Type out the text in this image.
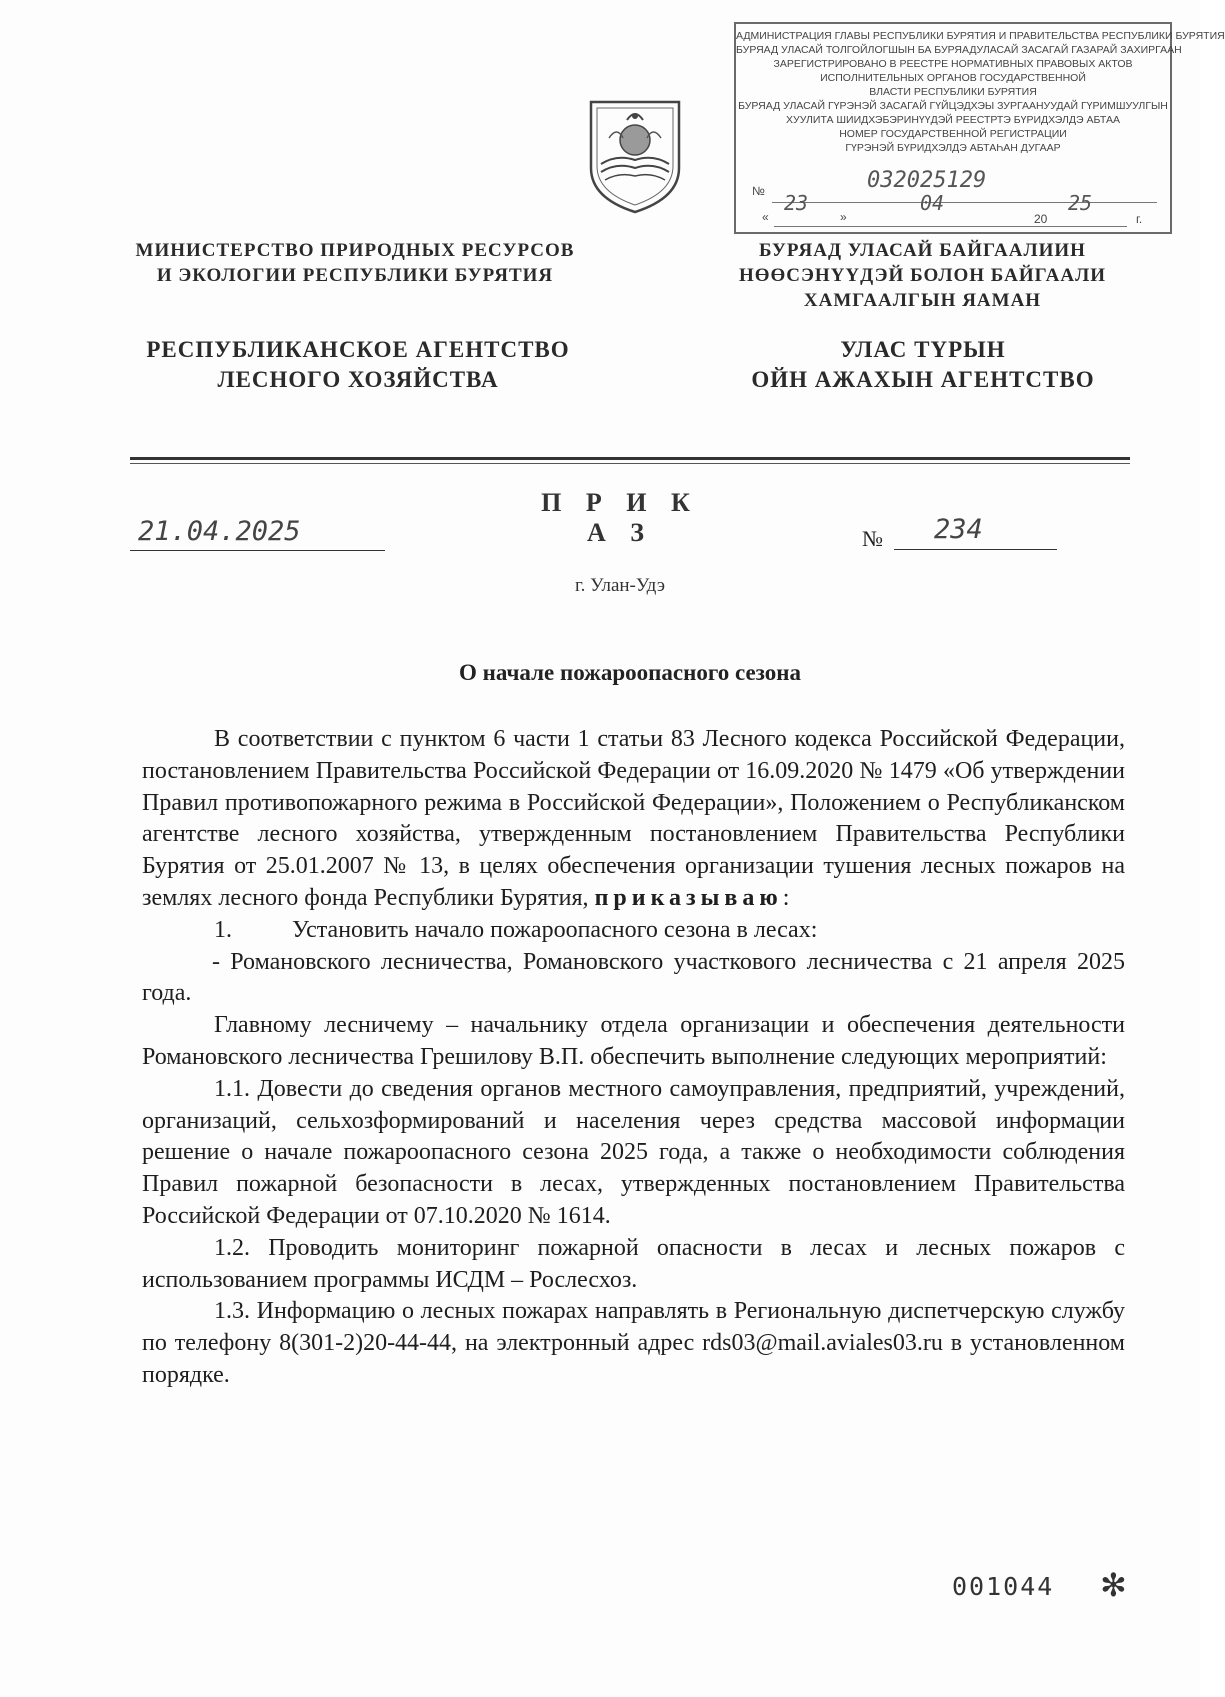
АДМИНИСТРАЦИЯ ГЛАВЫ РЕСПУБЛИКИ БУРЯТИЯ И ПРАВИТЕЛЬСТВА РЕСПУБЛИКИ БУРЯТИЯ
БУРЯАД УЛАСАЙ ТОЛГОЙЛОГШЫН БА БУРЯАДУЛАСАЙ ЗАСАГАЙ ГАЗАРАЙ ЗАХИРГААН
ЗАРЕГИСТРИРОВАНО В РЕЕСТРЕ НОРМАТИВНЫХ ПРАВОВЫХ АКТОВ
ИСПОЛНИТЕЛЬНЫХ ОРГАНОВ ГОСУДАРСТВЕННОЙ
ВЛАСТИ РЕСПУБЛИКИ БУРЯТИЯ
БУРЯАД УЛАСАЙ ГҮРЭНЭЙ ЗАСАГАЙ ГҮЙЦЭДХЭЫ ЗУРГААНУУДАЙ ГҮРИМШУУЛГЫН
ХУУЛИТА ШИИДХЭБЭРИНҮҮДЭЙ РЕЕСТРТЭ БҮРИДХЭЛДЭ АБТАА
НОМЕР ГОСУДАРСТВЕННОЙ РЕГИСТРАЦИИ
ГҮРЭНЭЙ БҮРИДХЭЛДЭ АБТАҺАН ДУГААР
№	032025129
«
23
»
04
20
25
г.
МИНИСТЕРСТВО ПРИРОДНЫХ РЕСУРСОВ
И ЭКОЛОГИИ РЕСПУБЛИКИ БУРЯТИЯ
БУРЯАД УЛАСАЙ БАЙГААЛИИН
НӨӨСЭНҮҮДЭЙ БОЛОН БАЙГААЛИ
ХАМГААЛГЫН ЯАМАН
РЕСПУБЛИКАНСКОЕ АГЕНТСТВО
ЛЕСНОГО ХОЗЯЙСТВА
УЛАС ТҮРЫН
ОЙН АЖАХЫН АГЕНТСТВО
П Р И К А З
21.04.2025	№ 234
г. Улан-Удэ
О начале пожароопасного сезона

В соответствии с пунктом 6 части 1 статьи 83 Лесного кодекса Российской Федерации, постановлением Правительства Российской Федерации от 16.09.2020 № 1479 «Об утверждении Правил противопожарного режима в Российской Федерации», Положением о Республиканском агентстве лесного хозяйства, утвержденным постановлением Правительства Республики Бурятия от 25.01.2007 № 13, в целях обеспечения организации тушения лесных пожаров на землях лесного фонда Республики Бурятия, приказываю:

1.	Установить начало пожароопасного сезона в лесах:

- Романовского лесничества, Романовского участкового лесничества с 21 апреля 2025 года.

Главному лесничему – начальнику отдела организации и обеспечения деятельности Романовского лесничества Грешилову В.П. обеспечить выполнение следующих мероприятий:

1.1. Довести до сведения органов местного самоуправления, предприятий, учреждений, организаций, сельхозформирований и населения через средства массовой информации решение о начале пожароопасного сезона 2025 года, а также о необходимости соблюдения Правил пожарной безопасности в лесах, утвержденных постановлением Правительства Российской Федерации от 07.10.2020 № 1614.

1.2. Проводить мониторинг пожарной опасности в лесах и лесных пожаров с использованием программы ИСДМ – Рослесхоз.

1.3. Информацию о лесных пожарах направлять в Региональную диспетчерскую службу по телефону 8(301-2)20-44-44, на электронный адрес rds03@mail.aviales03.ru в установленном порядке.

001044 ✻
